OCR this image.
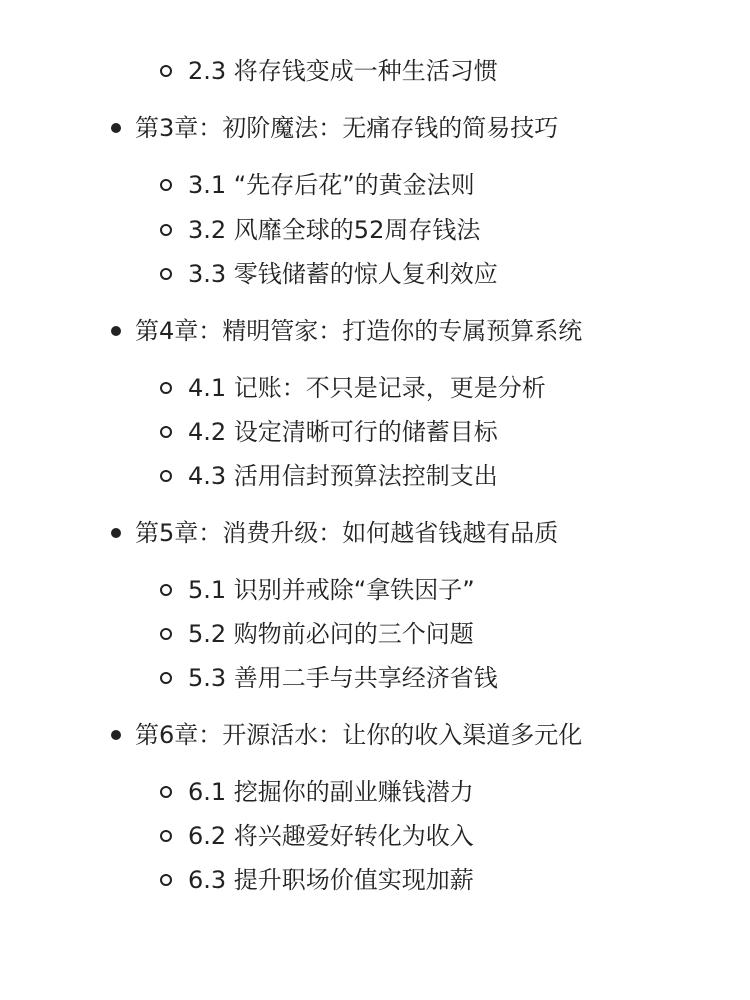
2.3 将存钱变成一种生活习惯
第3章：初阶魔法：无痛存钱的简易技巧
3.1 “先存后花”的黄金法则
3.2 风靡全球的52周存钱法
3.3 零钱储蓄的惊人复利效应
第4章：精明管家：打造你的专属预算系统
4.1 记账：不只是记录，更是分析
4.2 设定清晰可行的储蓄目标
4.3 活用信封预算法控制支出
第5章：消费升级：如何越省钱越有品质
5.1 识别并戒除“拿铁因子”
5.2 购物前必问的三个问题
5.3 善用二手与共享经济省钱
第6章：开源活水：让你的收入渠道多元化
6.1 挖掘你的副业赚钱潜力
6.2 将兴趣爱好转化为收入
6.3 提升职场价值实现加薪
